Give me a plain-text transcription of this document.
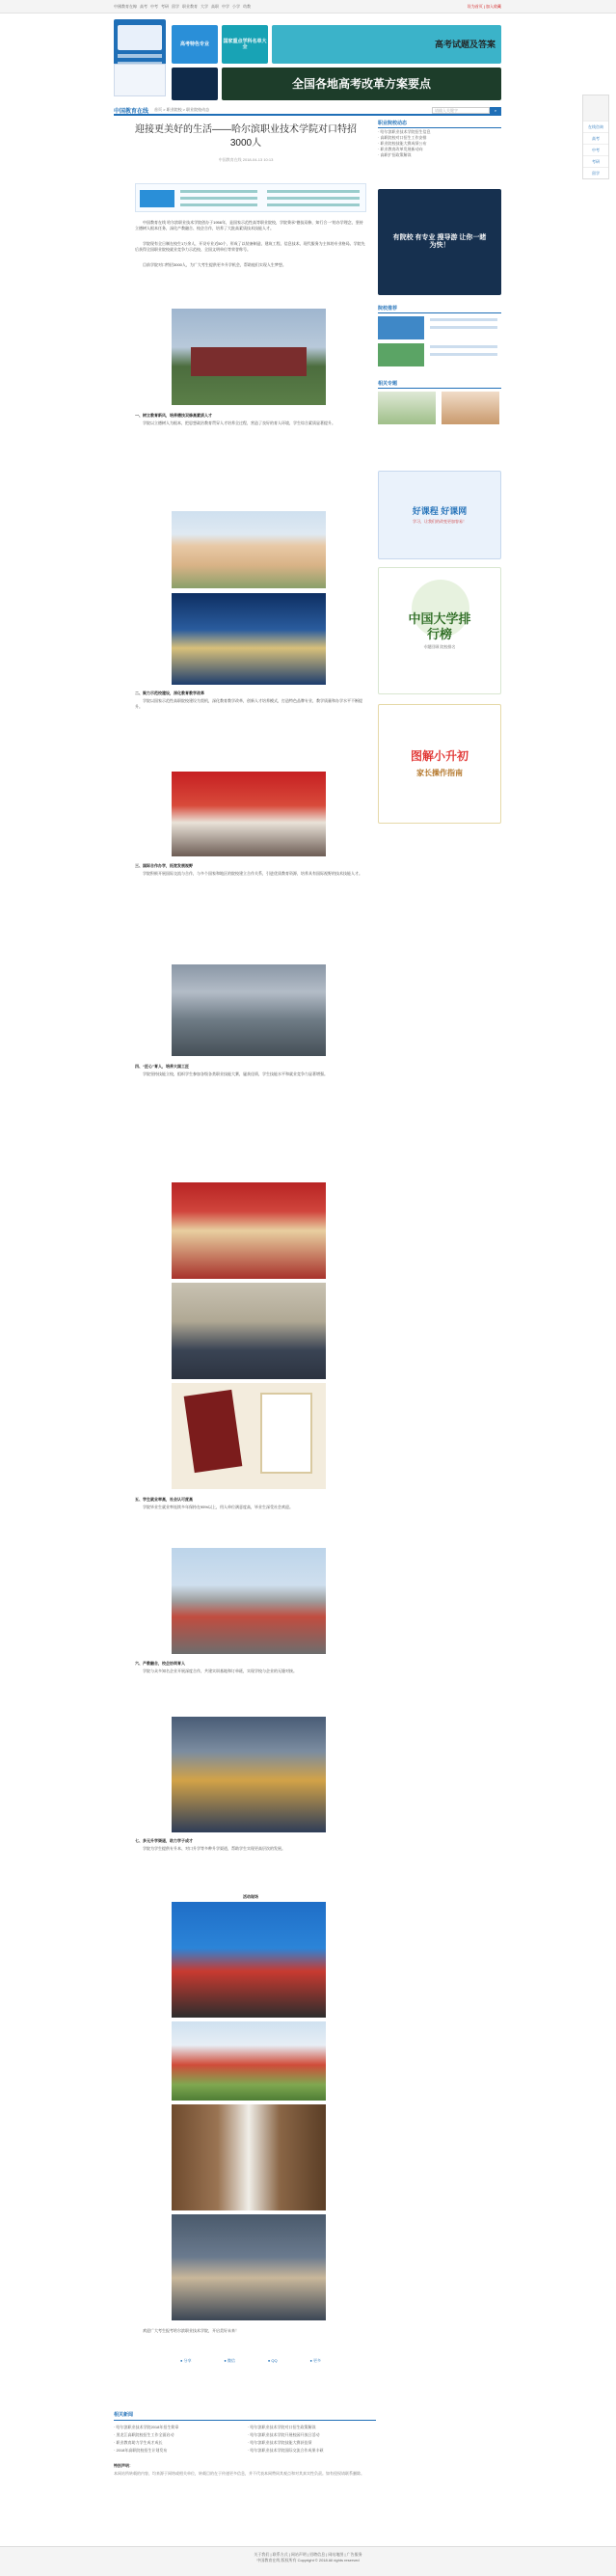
中國教育在線 高考 中考 考研 留学 职业教育 大学 高职 中学 小学 幼教	设为首页 | 加入收藏
高考特色专业	国家重点学科名单大全	高考试题及答案
全国各地高考改革方案要点
中国教育在线 首页 > 职业院校 > 职业院校动态	请输入关键字	⌕
迎接更美好的生活——哈尔滨职业技术学院对口特招3000人
中国教育在线 2018-04-13 10:13
中国教育在线 哈尔滨职业技术学院创办于1956年，是国家示范性高等职业院校，学院秉承“德技双修，知行合一”的办学理念，坚持立德树人根本任务，深化产教融合、校企合作，培养了大批高素质技术技能人才。
学院现有全日制在校生1万余人，开设专业近50个，形成了以装备制造、建筑工程、信息技术、现代服务为主体的专业格局。学院先后获得全国职业院校就业竞争力示范校、全国文明单位等荣誉称号。
目前学院对口特招3000人，为广大考生提供更多升学机会，帮助他们实现人生梦想。
一、树立教育新风，培养德技双修高素质人才
学院以立德树人为根本，把思想政治教育贯穿人才培养全过程，营造了良好的育人环境，学生综合素质显著提升。
二、聚力示范校建设，深化教育教学改革
学院以国家示范性高职院校建设为契机，深化教育教学改革，创新人才培养模式，打造特色品牌专业，教学质量和办学水平不断提升。
三、国际合作办学，拓宽发展视野
学院积极开展国际交流与合作，与多个国家和地区的院校建立合作关系，引进优质教育资源，培养具有国际视野的技术技能人才。
四、“匠心”育人，培养大国工匠
学院坚持技能立校，组织学生参加各级各类职业技能大赛，屡获佳绩，学生技能水平和就业竞争力显著增强。
五、学生就业率高，社会认可度高
学院毕业生就业率连续多年保持在95%以上，用人单位满意度高，毕业生深受社会欢迎。
六、产教融合，校企协同育人
学院与众多知名企业开展深度合作，共建实训基地和订单班，实现学校与企业的无缝对接。
七、多元升学渠道，助力学子成才
学院为学生提供专升本、对口升学等多种升学渠道，帮助学生实现更高层次的发展。
活动现场
欢迎广大考生报考哈尔滨职业技术学院，开启美好未来！
● 分享	● 微信	● QQ	● 更多
相关新闻
· 哈尔滨职业技术学院2018年招生简章	· 哈尔滨职业技术学院对口招生政策解读
· 黑龙江高职院校招生工作全面启动	· 哈尔滨职业技术学院开展校园开放日活动
· 职业教育助力学生成才成长	· 哈尔滨职业技术学院技能大赛获佳绩
· 2018年高职院校招生计划发布	· 哈尔滨职业技术学院国际交流合作成果丰硕
特别声明：
本网站所转载的内容，均来源于网络或相关单位，转载目的在于传递更多信息，并不代表本网赞同其观点和对其真实性负责。如有侵权请联系删除。
职业院校动态
· 哈尔滨职业技术学院招生信息
· 高职院校对口招生工作安排
· 职业院校技能大赛成绩公布
· 职业教育改革发展新动向
· 高职扩招政策解读
有院校 有专业 搜导游 让你一睹为快！
院校推荐
相关专题
好课程 好课网
学习，让我们的改变更加容易！
中国大学排行榜
专题回顾 院校排名
图解小升初
家长操作指南
在线咨询
高考
中考
考研
留学
关于我们 | 联系方式 | 网站声明 | 招聘信息 | 网站地图 | 广告服务
中国教育在线 版权所有 Copyright © 2018 All rights reserved
